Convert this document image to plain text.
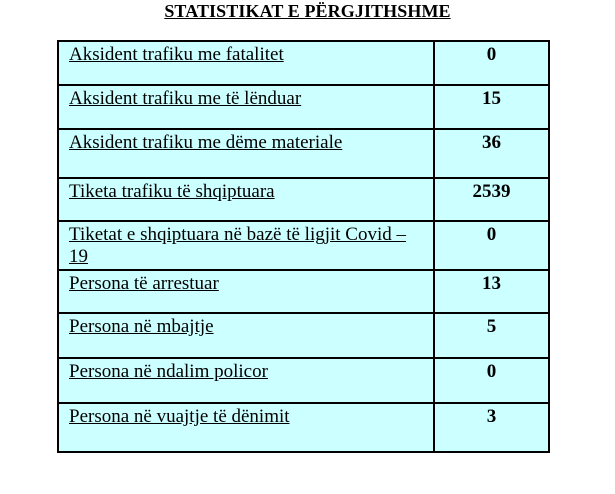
STATISTIKAT E PËRGJITHSHME
Aksident trafiku me fatalitet	0
Aksident trafiku me të lënduar	15
Aksident trafiku me dëme materiale	36
Tiketa trafiku të shqiptuara	2539
Tiketat e shqiptuara në bazë të ligjit Covid – 19	0
Persona të arrestuar	13
Persona në mbajtje	5
Persona në ndalim policor	0
Persona në vuajtje të dënimit	3
